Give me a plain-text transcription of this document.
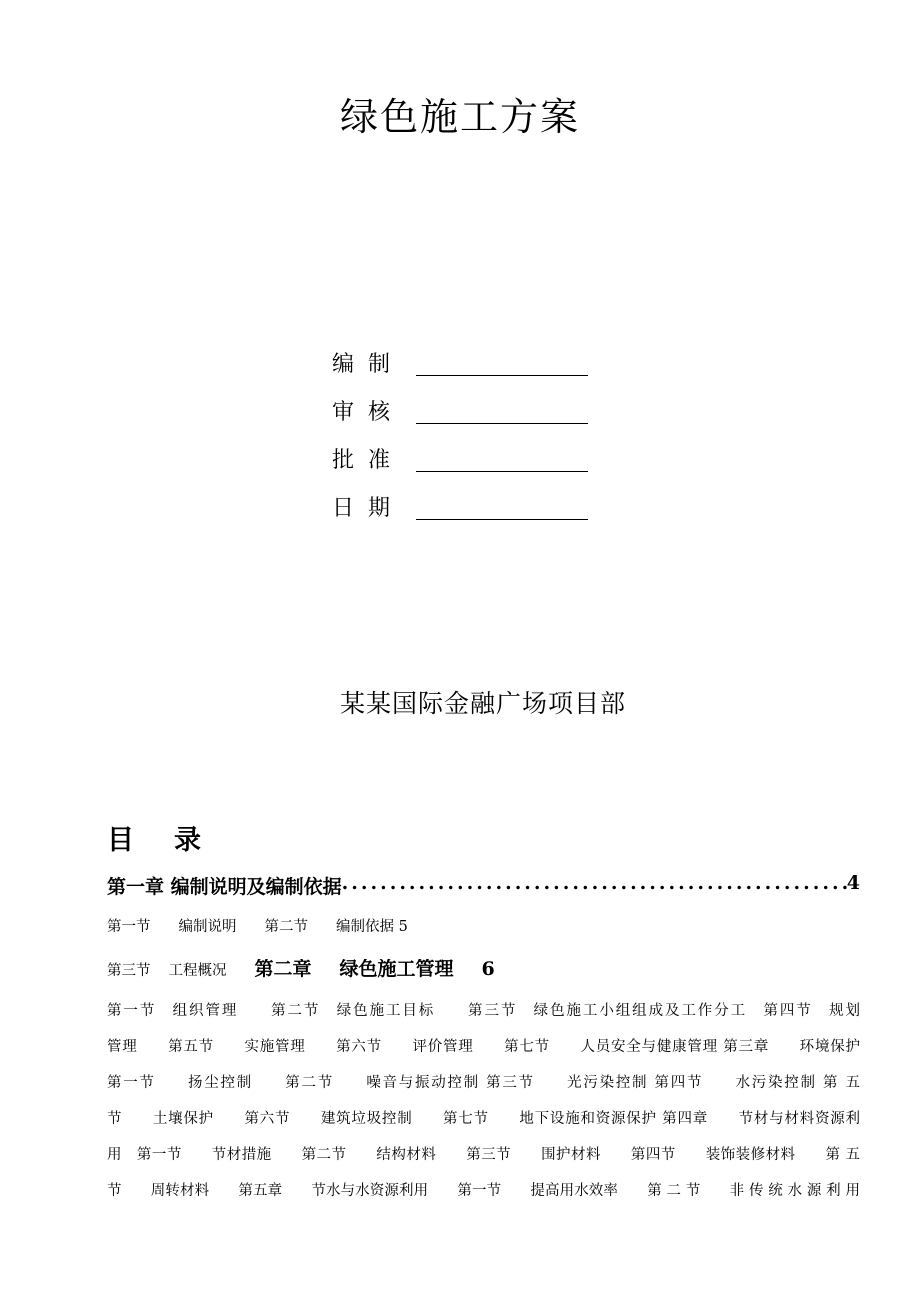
绿色施工方案
编制
审核
批准
日期
某某国际金融广场项目部
目 录
第一章 编制说明及编制依据
.....	4
第一节 编制说明 第二节 编制依据 5
第三节 工程概况 第二章 绿色施工管理 6
第一节　组织管理　　第二节　绿色施工目标　　第三节　绿色施工小组组成及工作分工　第四节　规划
管理　　第五节　　实施管理　　第六节　　评价管理　　第七节　　人员安全与健康管理 第三章　　环境保护
第一节　　扬尘控制　　第二节　　噪音与振动控制 第三节　　光污染控制 第四节　　水污染控制 第 五
节　　土壤保护　　第六节　　建筑垃圾控制　　第七节　　地下设施和资源保护 第四章　　节材与材料资源利
用　第一节　　节材措施　　第二节　　结构材料　　第三节　　围护材料　　第四节　　装饰装修材料　　第 五
节　　周转材料　　第五章　　节水与水资源利用　　第一节　　提高用水效率　　第 二 节　　非 传 统 水 源 利 用
